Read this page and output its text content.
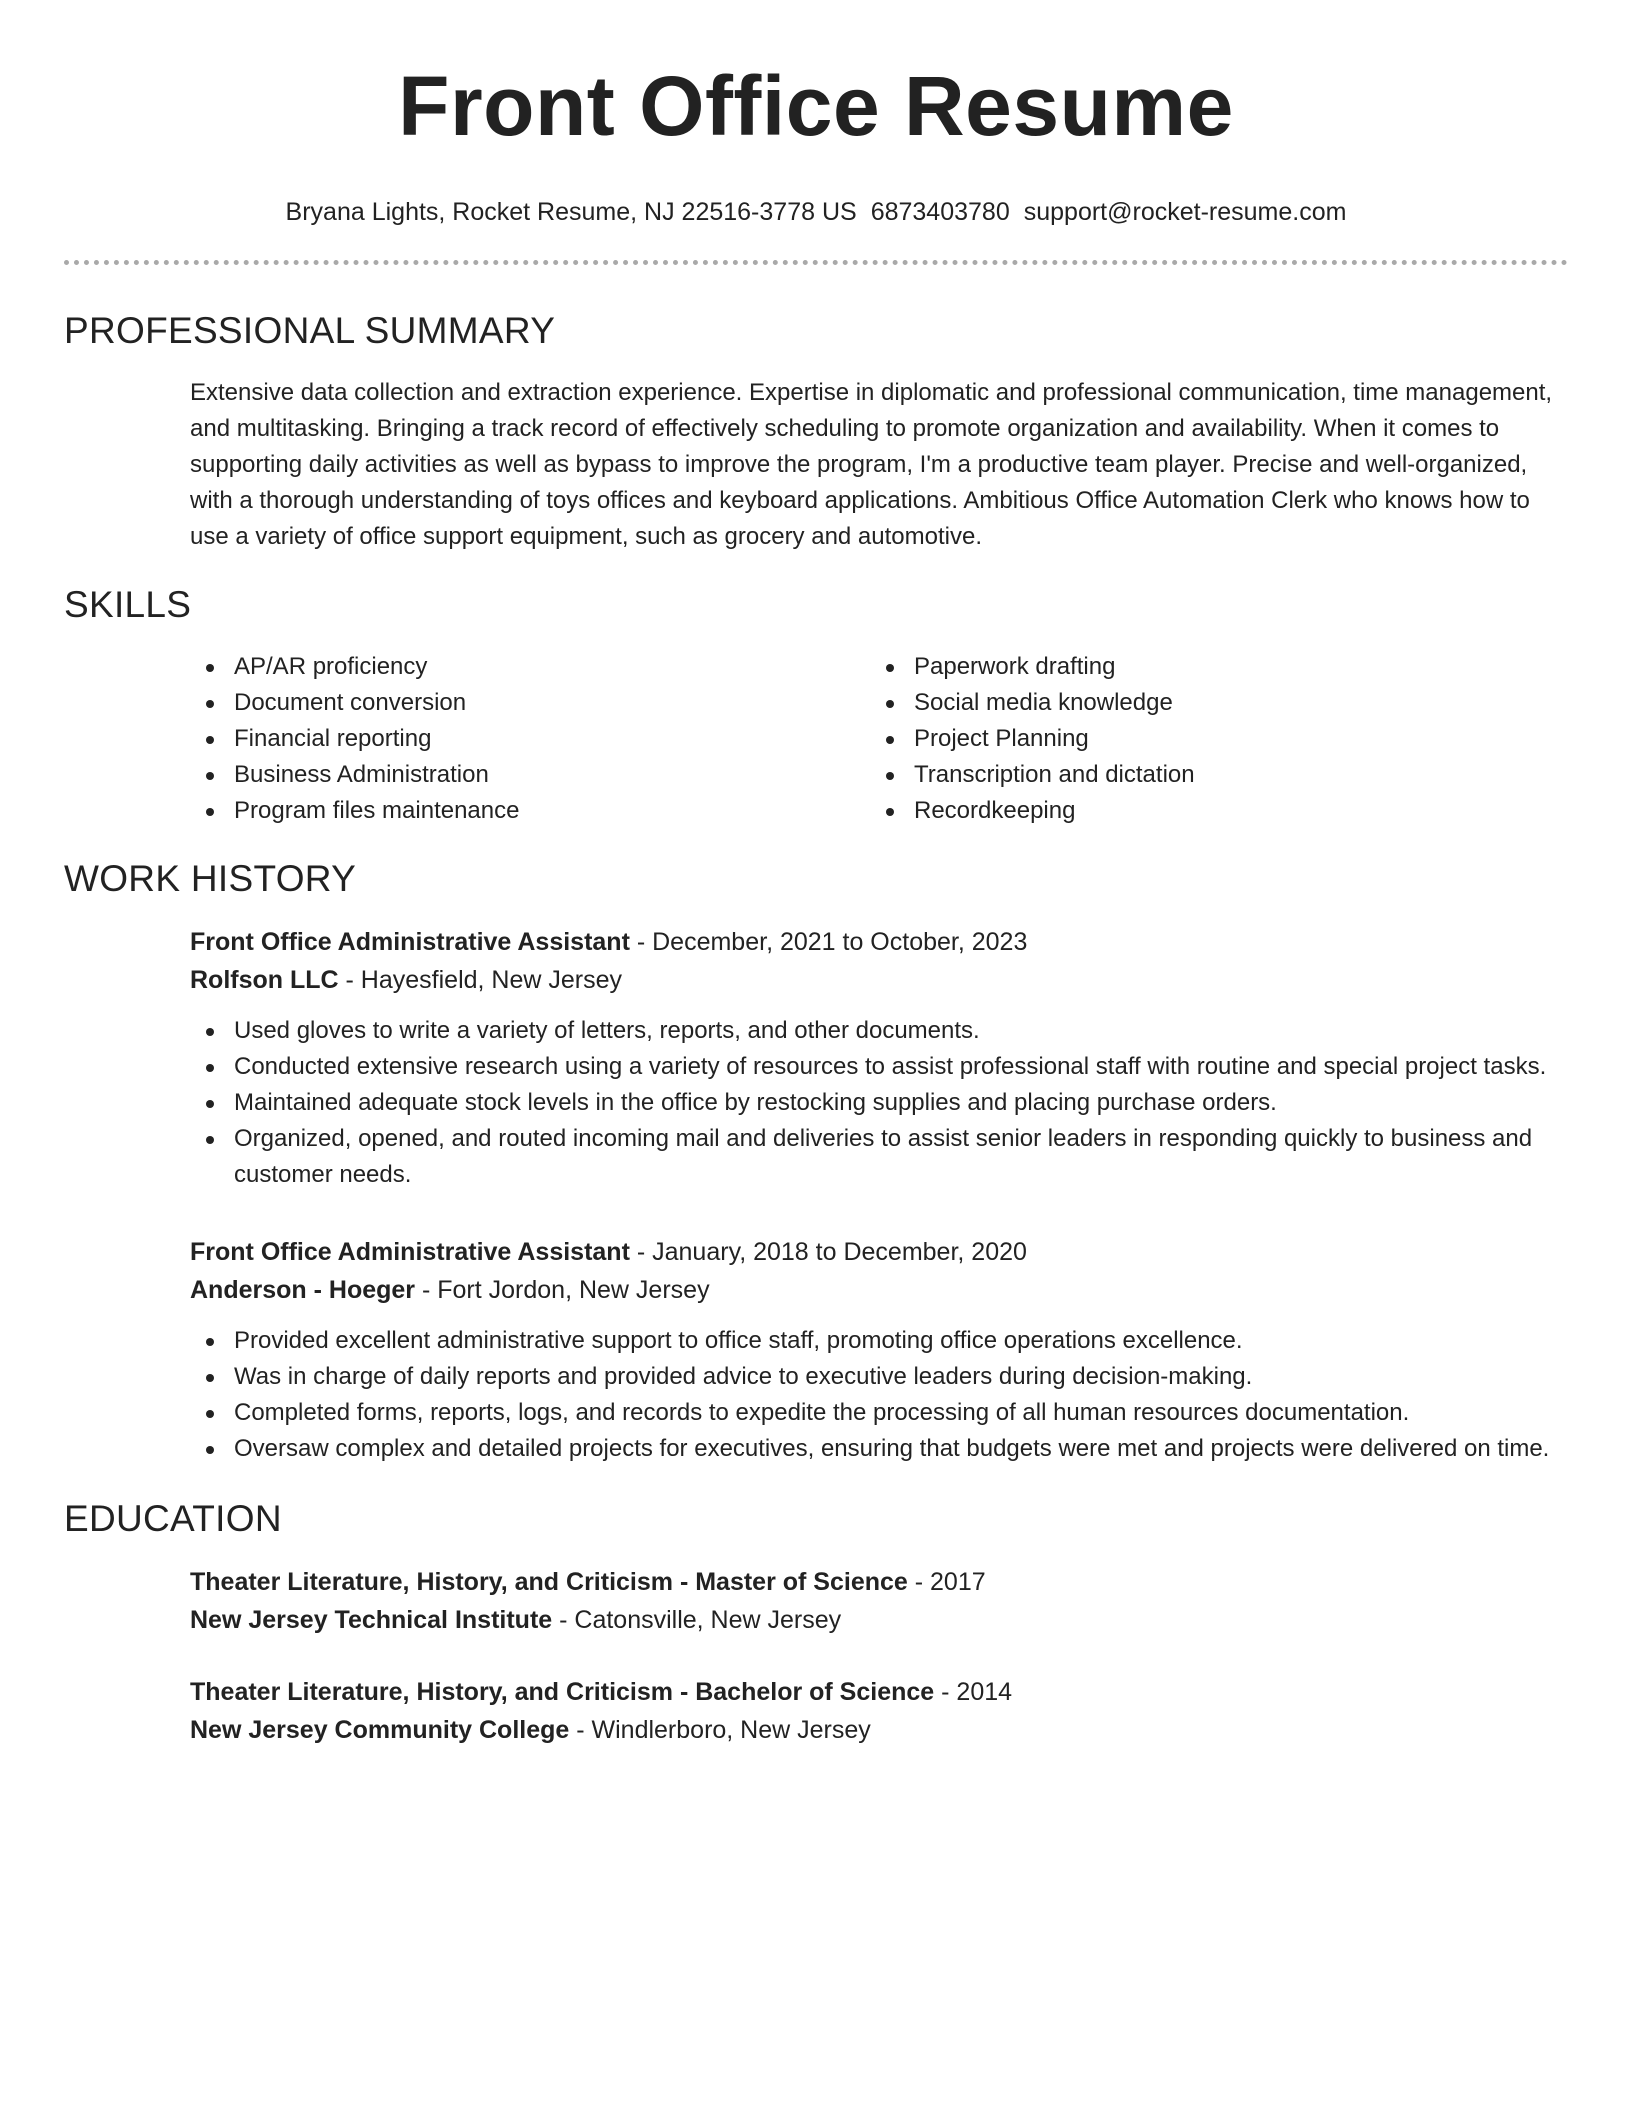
Front Office Resume
Bryana Lights, Rocket Resume, NJ 22516-3778 US 6873403780 support@rocket-resume.com
PROFESSIONAL SUMMARY

Extensive data collection and extraction experience. Expertise in diplomatic and professional communication, time management, and multitasking. Bringing a track record of effectively scheduling to promote organization and availability. When it comes to supporting daily activities as well as bypass to improve the program, I'm a productive team player. Precise and well-organized, with a thorough understanding of toys offices and keyboard applications. Ambitious Office Automation Clerk who knows how to use a variety of office support equipment, such as grocery and automotive.

SKILLS
AP/AR proficiency
Document conversion
Financial reporting
Business Administration
Program files maintenance
Paperwork drafting
Social media knowledge
Project Planning
Transcription and dictation
Recordkeeping
WORK HISTORY
Front Office Administrative Assistant - December, 2021 to October, 2023
Rolfson LLC - Hayesfield, New Jersey
Used gloves to write a variety of letters, reports, and other documents.
Conducted extensive research using a variety of resources to assist professional staff with routine and special project tasks.
Maintained adequate stock levels in the office by restocking supplies and placing purchase orders.
Organized, opened, and routed incoming mail and deliveries to assist senior leaders in responding quickly to business and customer needs.
Front Office Administrative Assistant - January, 2018 to December, 2020
Anderson - Hoeger - Fort Jordon, New Jersey
Provided excellent administrative support to office staff, promoting office operations excellence.
Was in charge of daily reports and provided advice to executive leaders during decision-making.
Completed forms, reports, logs, and records to expedite the processing of all human resources documentation.
Oversaw complex and detailed projects for executives, ensuring that budgets were met and projects were delivered on time.
EDUCATION
Theater Literature, History, and Criticism - Master of Science - 2017
New Jersey Technical Institute - Catonsville, New Jersey
Theater Literature, History, and Criticism - Bachelor of Science - 2014
New Jersey Community College - Windlerboro, New Jersey
